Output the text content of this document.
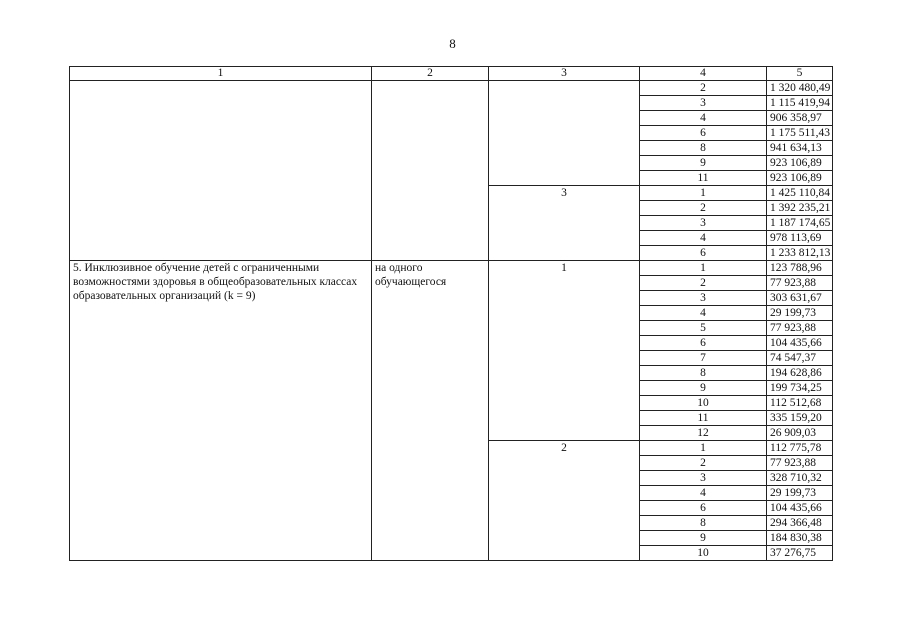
8
1	2	3	4	5
			2	1 320 480,49
			3	1 115 419,94
			4	906 358,97
			6	1 175 511,43
			8	941 634,13
			9	923 106,89
			11	923 106,89
		3	1	1 425 110,84
			2	1 392 235,21
			3	1 187 174,65
			4	978 113,69
			6	1 233 812,13
5. Инклюзивное обучение детей с ограниченными возможностями здоровья в общеобразовательных классах образовательных организаций (k = 9)	на одного обучающегося	1	1	123 788,96
			2	77 923,88
			3	303 631,67
			4	29 199,73
			5	77 923,88
			6	104 435,66
			7	74 547,37
			8	194 628,86
			9	199 734,25
			10	112 512,68
			11	335 159,20
			12	26 909,03
		2	1	112 775,78
			2	77 923,88
			3	328 710,32
			4	29 199,73
			6	104 435,66
			8	294 366,48
			9	184 830,38
			10	37 276,75
